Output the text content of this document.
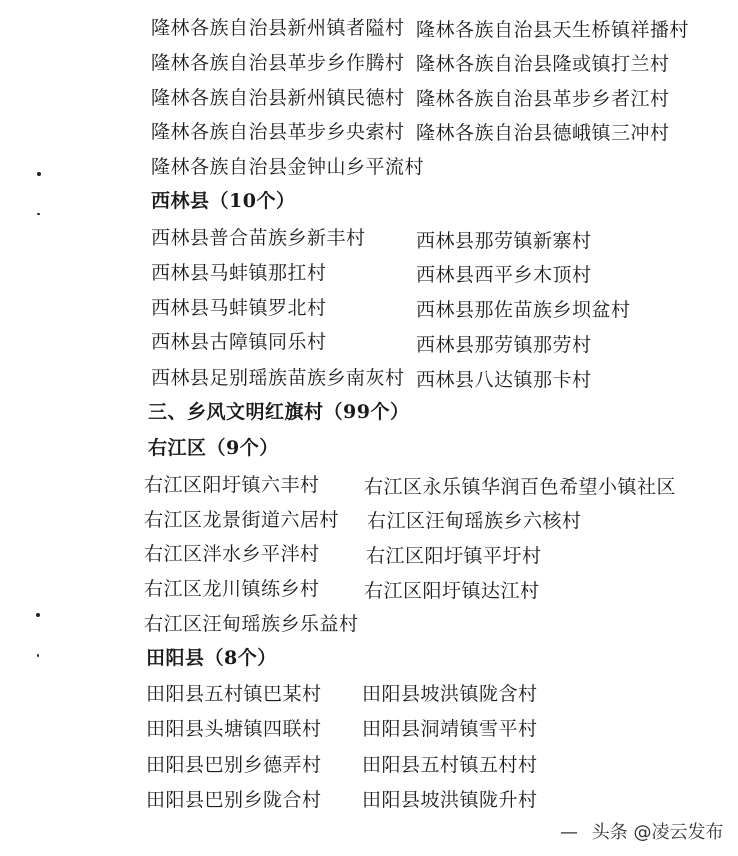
隆林各族自治县新州镇者隘村 隆林各族自治县天生桥镇祥播村
隆林各族自治县革步乡作腾村 隆林各族自治县隆或镇打兰村
隆林各族自治县新州镇民德村 隆林各族自治县革步乡者江村
隆林各族自治县革步乡央索村 隆林各族自治县德峨镇三冲村
隆林各族自治县金钟山乡平流村
西林县（10个）
西林县普合苗族乡新丰村	西林县那劳镇新寨村
西林县马蚌镇那扛村	西林县西平乡木顶村
西林县马蚌镇罗北村	西林县那佐苗族乡坝盆村
西林县古障镇同乐村	西林县那劳镇那劳村
西林县足别瑶族苗族乡南灰村 西林县八达镇那卡村
三、乡风文明红旗村（99个）
右江区（9个）
右江区阳圩镇六丰村 右江区永乐镇华润百色希望小镇社区
右江区龙景街道六居村 右江区汪甸瑶族乡六核村
右江区泮水乡平泮村 右江区阳圩镇平圩村
右江区龙川镇练乡村 右江区阳圩镇达江村
右江区汪甸瑶族乡乐益村
田阳县（8个）
田阳县五村镇巴某村 田阳县坡洪镇陇含村
田阳县头塘镇四联村 田阳县洞靖镇雪平村
田阳县巴别乡德弄村 田阳县五村镇五村村
田阳县巴别乡陇合村 田阳县坡洪镇陇升村
— 头条 @凌云发布
